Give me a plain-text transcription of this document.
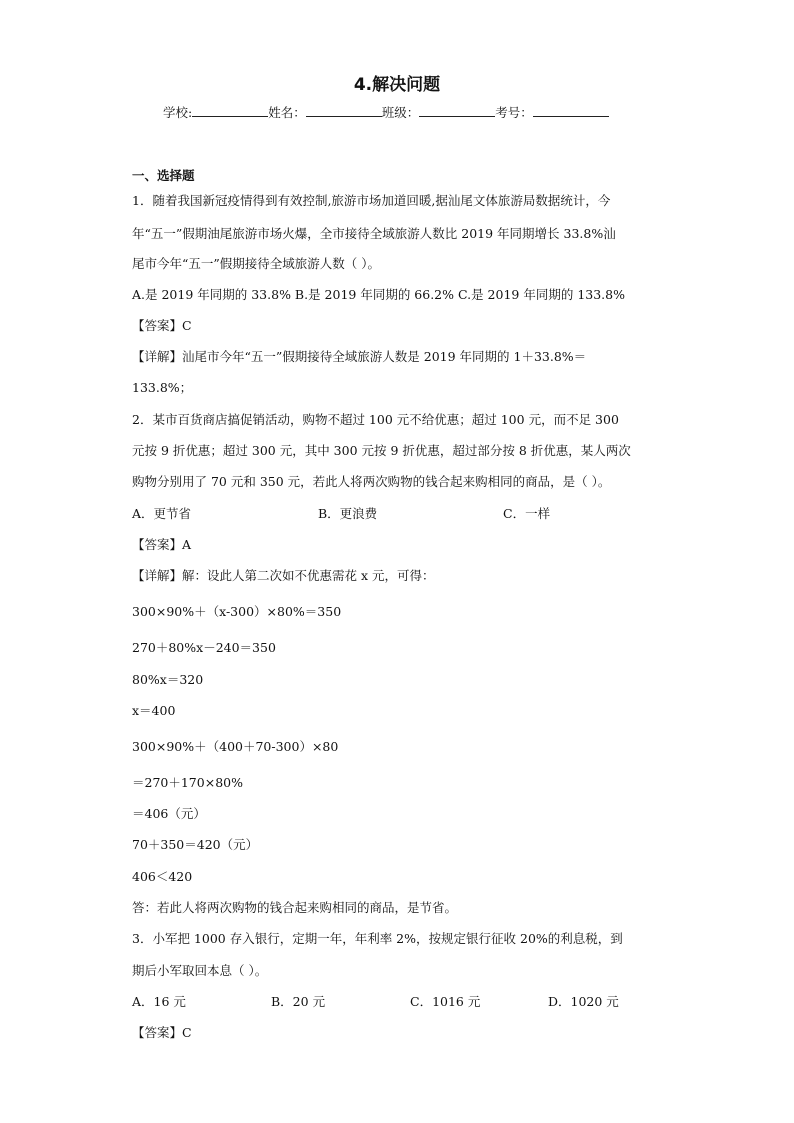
4.解决问题
学校:	姓名：	班级：	考号：
一、选择题
1．随着我国新冠疫情得到有效控制,旅游市场加道回暖,据汕尾文体旅游局数据统计，今
年“五一”假期油尾旅游市场火爆，全市接待全域旅游人数比 2019 年同期增长 33.8%汕
尾市今年“五一”假期接待全域旅游人数（ ）。
A.是 2019 年同期的 33.8% B.是 2019 年同期的 66.2% C.是 2019 年同期的 133.8%
【答案】C
【详解】汕尾市今年“五一”假期接待全域旅游人数是 2019 年同期的 1＋33.8%＝
133.8%；
2．某市百货商店搞促销活动，购物不超过 100 元不给优惠；超过 100 元，而不足 300
元按 9 折优惠；超过 300 元，其中 300 元按 9 折优惠，超过部分按 8 折优惠，某人两次
购物分别用了 70 元和 350 元，若此人将两次购物的钱合起来购相同的商品，是（ ）。
A．更节省	B．更浪费	C．一样
【答案】A
【详解】解：设此人第二次如不优惠需花 x 元，可得：
300×90%＋（x-300）×80%＝350
270＋80%x－240＝350
80%x＝320
x＝400
300×90%＋（400＋70-300）×80
＝270＋170×80%
＝406（元）
70＋350＝420（元）
406＜420
答：若此人将两次购物的钱合起来购相同的商品，是节省。
3．小军把 1000 存入银行，定期一年，年利率 2%，按规定银行征收 20%的利息税，到
期后小军取回本息（ ）。
A．16 元	B．20 元	C．1016 元	D．1020 元
【答案】C
